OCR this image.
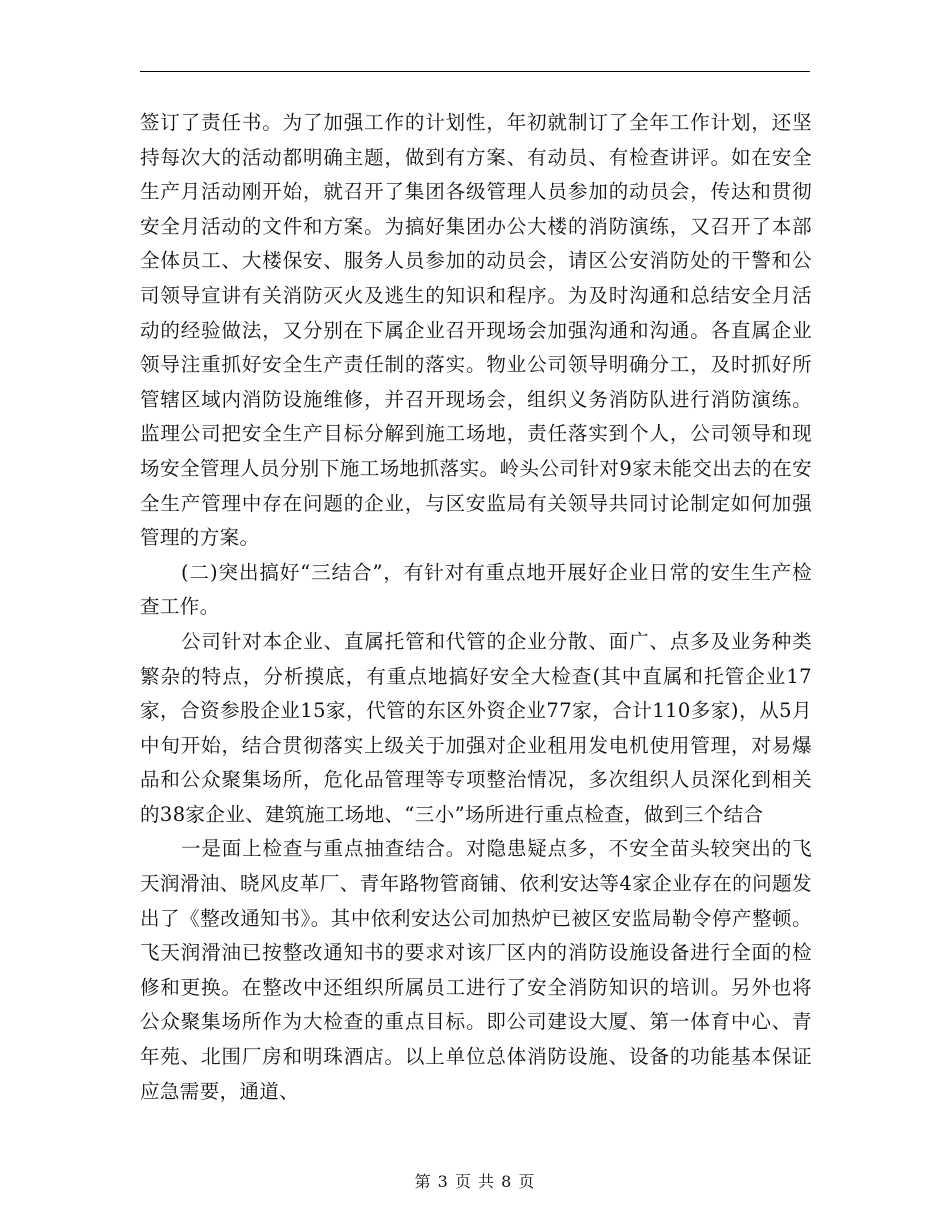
签订了责任书。为了加强工作的计划性，年初就制订了全年工作计划，还坚持每次大的活动都明确主题，做到有方案、有动员、有检查讲评。如在安全生产月活动刚开始，就召开了集团各级管理人员参加的动员会，传达和贯彻安全月活动的文件和方案。为搞好集团办公大楼的消防演练，又召开了本部全体员工、大楼保安、服务人员参加的动员会，请区公安消防处的干警和公司领导宣讲有关消防灭火及逃生的知识和程序。为及时沟通和总结安全月活动的经验做法，又分别在下属企业召开现场会加强沟通和沟通。各直属企业领导注重抓好安全生产责任制的落实。物业公司领导明确分工，及时抓好所管辖区域内消防设施维修，并召开现场会，组织义务消防队进行消防演练。监理公司把安全生产目标分解到施工场地，责任落实到个人，公司领导和现场安全管理人员分别下施工场地抓落实。岭头公司针对9家未能交出去的在安全生产管理中存在问题的企业，与区安监局有关领导共同讨论制定如何加强管理的方案。

(二)突出搞好“三结合”，有针对有重点地开展好企业日常的安生生产检查工作。

公司针对本企业、直属托管和代管的企业分散、面广、点多及业务种类繁杂的特点，分析摸底，有重点地搞好安全大检查(其中直属和托管企业17家，合资参股企业15家，代管的东区外资企业77家，合计110多家)，从5月中旬开始，结合贯彻落实上级关于加强对企业租用发电机使用管理，对易爆品和公众聚集场所，危化品管理等专项整治情况，多次组织人员深化到相关的38家企业、建筑施工场地、“三小”场所进行重点检查，做到三个结合

一是面上检查与重点抽查结合。对隐患疑点多，不安全苗头较突出的飞天润滑油、晓风皮革厂、青年路物管商铺、依利安达等4家企业存在的问题发出了《整改通知书》。其中依利安达公司加热炉已被区安监局勒令停产整顿。飞天润滑油已按整改通知书的要求对该厂区内的消防设施设备进行全面的检修和更换。在整改中还组织所属员工进行了安全消防知识的培训。另外也将公众聚集场所作为大检查的重点目标。即公司建设大厦、第一体育中心、青年苑、北围厂房和明珠酒店。以上单位总体消防设施、设备的功能基本保证应急需要，通道、

第 3 页 共 8 页
